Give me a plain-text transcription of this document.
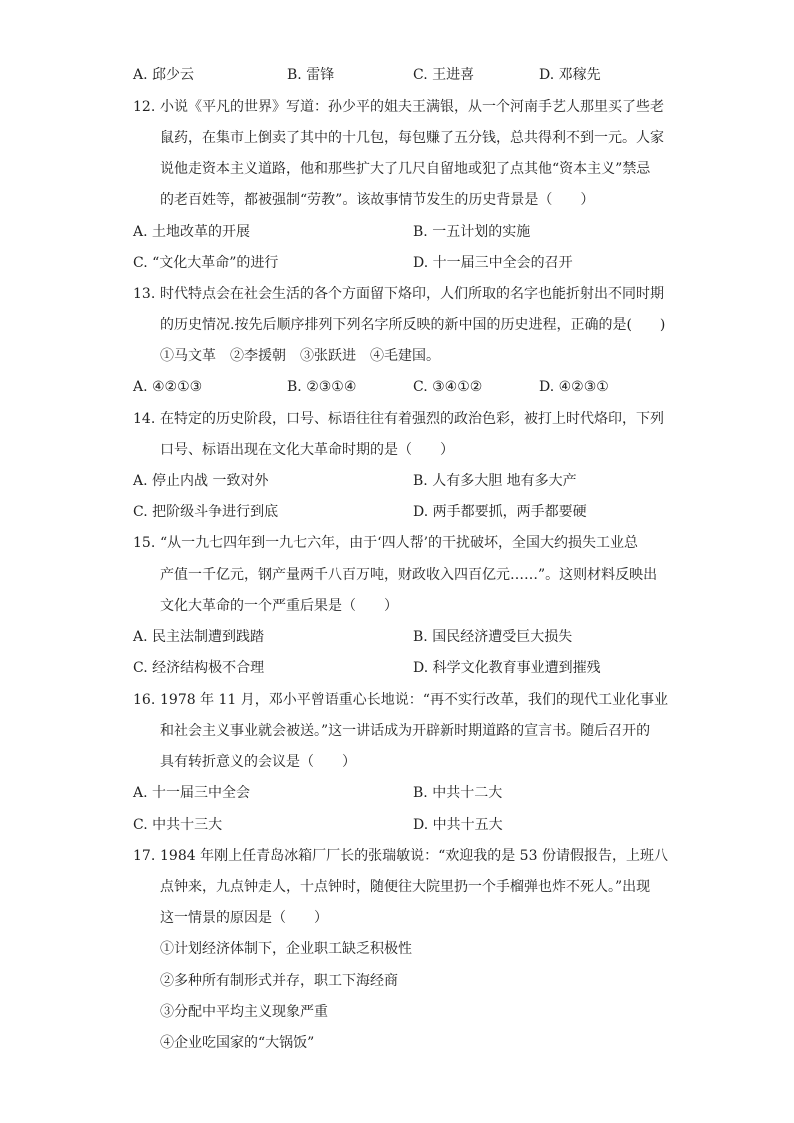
A. 邱少云	B. 雷锋	C. 王进喜	D. 邓稼先
12. 小说《平凡的世界》写道：孙少平的姐夫王满银，从一个河南手艺人那里买了些老
鼠药，在集市上倒卖了其中的十几包，每包赚了五分钱，总共得利不到一元。人家
说他走资本主义道路，他和那些扩大了几尺自留地或犯了点其他“资本主义”禁忌
的老百姓等，都被强制“劳教”。该故事情节发生的历史背景是（　　）
A. 土地改革的开展	B. 一五计划的实施
C. “文化大革命”的进行	D. 十一届三中全会的召开
13. 时代特点会在社会生活的各个方面留下烙印，人们所取的名字也能折射出不同时期
的历史情况.按先后顺序排列下列名字所反映的新中国的历史进程，正确的是(　　)
①马文革　②李援朝　③张跃进　④毛建国。
A. ④②①③	B. ②③①④	C. ③④①②	D. ④②③①
14. 在特定的历史阶段，口号、标语往往有着强烈的政治色彩，被打上时代烙印，下列
口号、标语出现在文化大革命时期的是（　　）
A. 停止内战 一致对外	B. 人有多大胆 地有多大产
C. 把阶级斗争进行到底	D. 两手都要抓，两手都要硬
15. “从一九七四年到一九七六年，由于‘四人帮’的干扰破坏，全国大约损失工业总
产值一千亿元，钢产量两千八百万吨，财政收入四百亿元……”。这则材料反映出
文化大革命的一个严重后果是（　　）
A. 民主法制遭到践踏	B. 国民经济遭受巨大损失
C. 经济结构极不合理	D. 科学文化教育事业遭到摧残
16. 1978 年 11 月，邓小平曾语重心长地说：“再不实行改革，我们的现代工业化事业
和社会主义事业就会被送。”这一讲话成为开辟新时期道路的宣言书。随后召开的
具有转折意义的会议是（　　）
A. 十一届三中全会	B. 中共十二大
C. 中共十三大	D. 中共十五大
17. 1984 年刚上任青岛冰箱厂厂长的张瑞敏说：“欢迎我的是 53 份请假报告，上班八
点钟来，九点钟走人，十点钟时，随便往大院里扔一个手榴弹也炸不死人。”出现
这一情景的原因是（　　）
①计划经济体制下，企业职工缺乏积极性
②多种所有制形式并存，职工下海经商
③分配中平均主义现象严重
④企业吃国家的“大锅饭”
